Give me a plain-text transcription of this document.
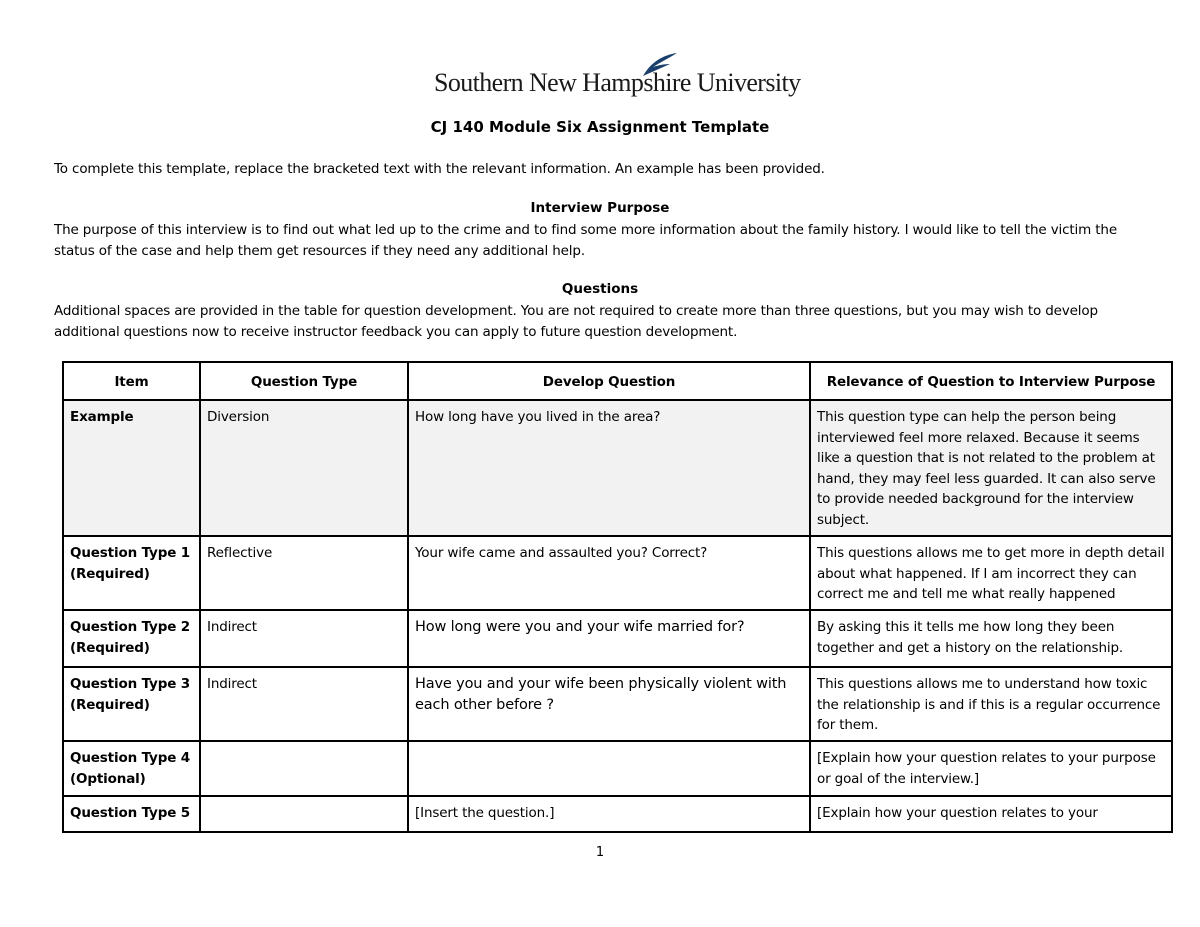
Southern New Hampshire University
CJ 140 Module Six Assignment Template
To complete this template, replace the bracketed text with the relevant information. An example has been provided.
Interview Purpose
The purpose of this interview is to find out what led up to the crime and to find some more information about the family history. I would like to tell the victim the status of the case and help them get resources if they need any additional help.
Questions
Additional spaces are provided in the table for question development. You are not required to create more than three questions, but you may wish to develop additional questions now to receive instructor feedback you can apply to future question development.
Item	Question Type	Develop Question	Relevance of Question to Interview Purpose
Example	Diversion	How long have you lived in the area?	This question type can help the person being interviewed feel more relaxed. Because it seems like a question that is not related to the problem at hand, they may feel less guarded. It can also serve to provide needed background for the interview subject.
Question Type 1 (Required)	Reflective	Your wife came and assaulted you? Correct?	This questions allows me to get more in depth detail about what happened. If I am incorrect they can correct me and tell me what really happened
Question Type 2 (Required)	Indirect	How long were you and your wife married for?	By asking this it tells me how long they been together and get a history on the relationship.
Question Type 3 (Required)	Indirect	Have you and your wife been physically violent with each other before ?	This questions allows me to understand how toxic the relationship is and if this is a regular occurrence for them.
Question Type 4 (Optional)			[Explain how your question relates to your purpose or goal of the interview.]
Question Type 5		[Insert the question.]	[Explain how your question relates to your
1
